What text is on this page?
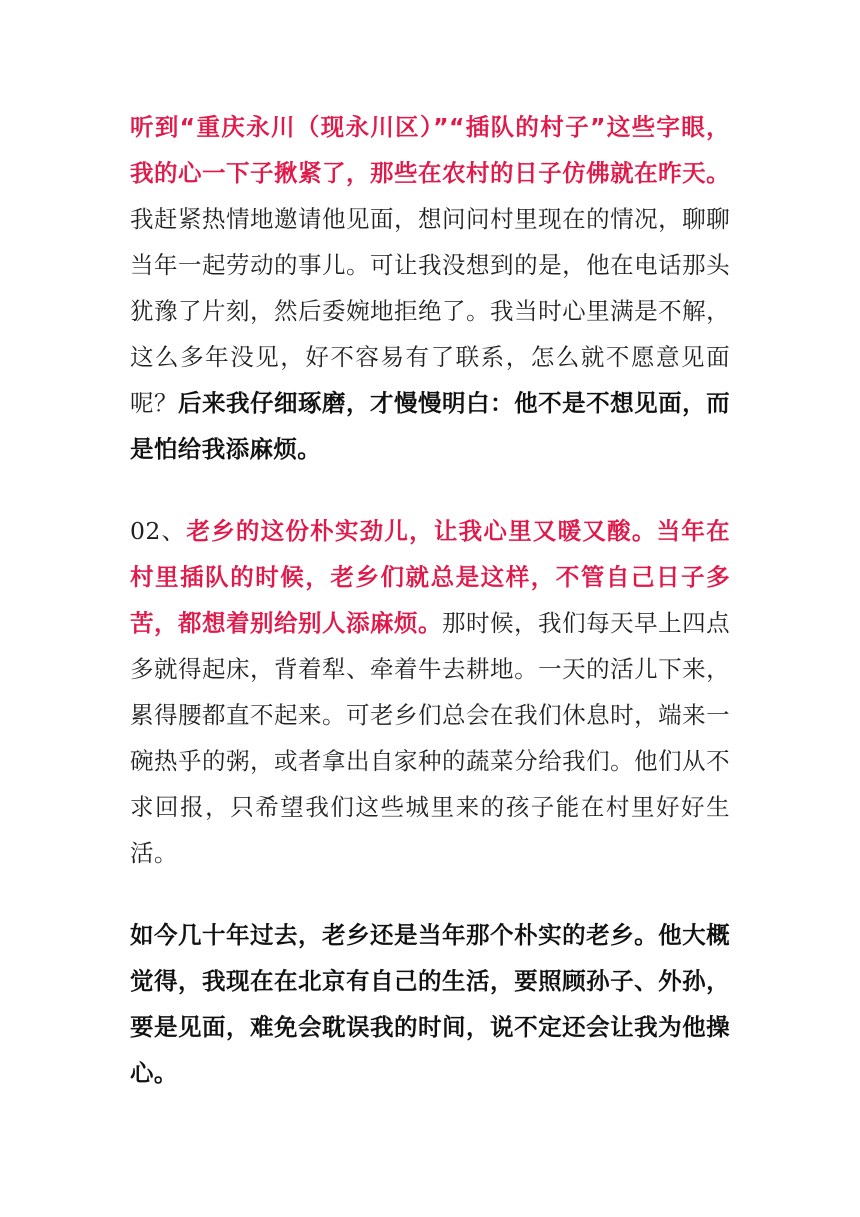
听到“重庆永川（现永川区）”“插队的村子”这些字眼，我的心一下子揪紧了，那些在农村的日子仿佛就在昨天。我赶紧热情地邀请他见面，想问问村里现在的情况，聊聊当年一起劳动的事儿。可让我没想到的是，他在电话那头犹豫了片刻，然后委婉地拒绝了。我当时心里满是不解，这么多年没见，好不容易有了联系，怎么就不愿意见面呢？后来我仔细琢磨，才慢慢明白：他不是不想见面，而是怕给我添麻烦。

02、老乡的这份朴实劲儿，让我心里又暖又酸。当年在村里插队的时候，老乡们就总是这样，不管自己日子多苦，都想着别给别人添麻烦。那时候，我们每天早上四点多就得起床，背着犁、牵着牛去耕地。一天的活儿下来，累得腰都直不起来。可老乡们总会在我们休息时，端来一碗热乎的粥，或者拿出自家种的蔬菜分给我们。他们从不求回报，只希望我们这些城里来的孩子能在村里好好生活。

如今几十年过去，老乡还是当年那个朴实的老乡。他大概觉得，我现在在北京有自己的生活，要照顾孙子、外孙，要是见面，难免会耽误我的时间，说不定还会让我为他操心。
